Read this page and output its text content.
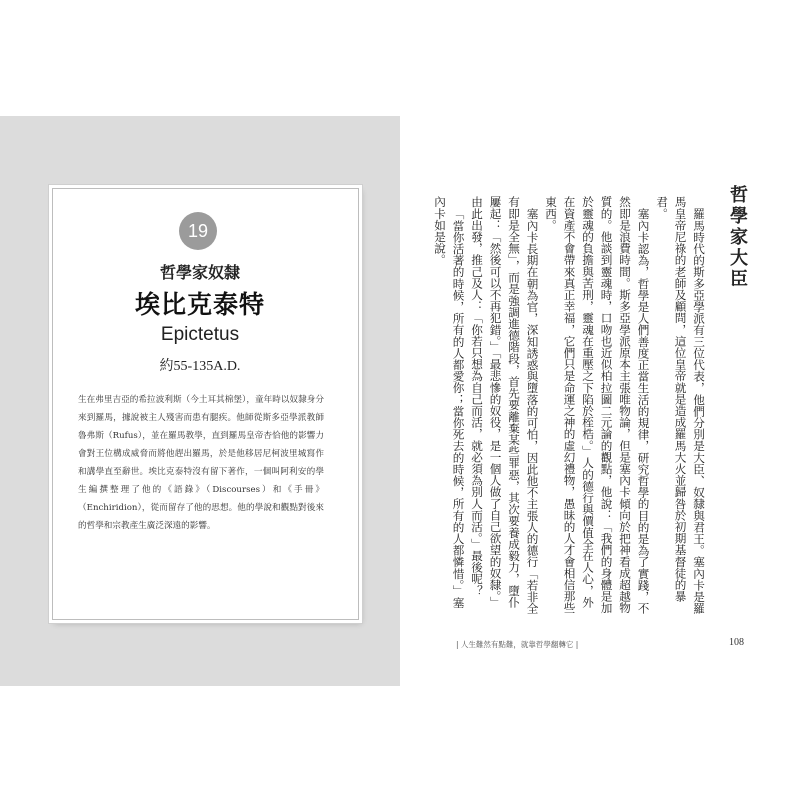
19
哲學家奴隸
埃比克泰特
Epictetus
約55-135A.D.
生在弗里吉亞的希拉波利斯（今土耳其棉堡），童年時以奴隸身分來到羅馬，據說被主人殘害而患有腿疾。他師從斯多亞學派教師魯弗斯（Rufus），並在羅馬教學，直到羅馬皇帝杏恰他的影響力會對王位構成威脅而將他趕出羅馬，於是他移居尼柯波里城寫作和講學直至辭世。埃比克泰特沒有留下著作，一個叫阿利安的學生編撰整理了他的《語錄》（Discourses）和《手冊》（Enchiridion），從而留存了他的思想。他的學說和觀點對後來的哲學和宗教產生廣泛深遠的影響。
哲學家大臣

羅馬時代的斯多亞學派有三位代表，他們分別是大臣、奴隸與君王。塞內卡是羅馬皇帝尼祿的老師及顧問，這位皇帝就是造成羅馬大火並歸咎於初期基督徒的暴君。

塞內卡認為，哲學是人們善度正當生活的規律，研究哲學的目的是為了實踐，不然即是浪費時間。斯多亞學派原本主張唯物論，但是塞內卡傾向於把神看成超越物質的。他談到靈魂時，口吻也近似柏拉圖二元論的觀點，他說：「我們的身體是加於靈魂的負擔與苦刑，靈魂在重壓之下陷於桎梏。」人的德行與價值全在人心，外在資產不會帶來真正幸福，它們只是命運之神的虛幻禮物，愚昧的人才會相信那些東西。

塞內卡長期在朝為官，深知誘惑與墮落的可怕，因此他不主張人的德行「若非全有即是全無」，而是強調進德階段，首先要離棄某些罪惡，其次要養成毅力，墮仆屢起：「然後可以不再犯錯。」「最悲慘的奴役，是一個人做了自己欲望的奴隸。」由此出發，推己及人：「你若只想為自己而活，就必須為別人而活。」最後呢？

「當你活著的時候，所有的人都愛你；當你死去的時候，所有的人都憐惜。」塞內卡如是說。

| 人生難然有點難，就靠哲學翻轉它 |	108
